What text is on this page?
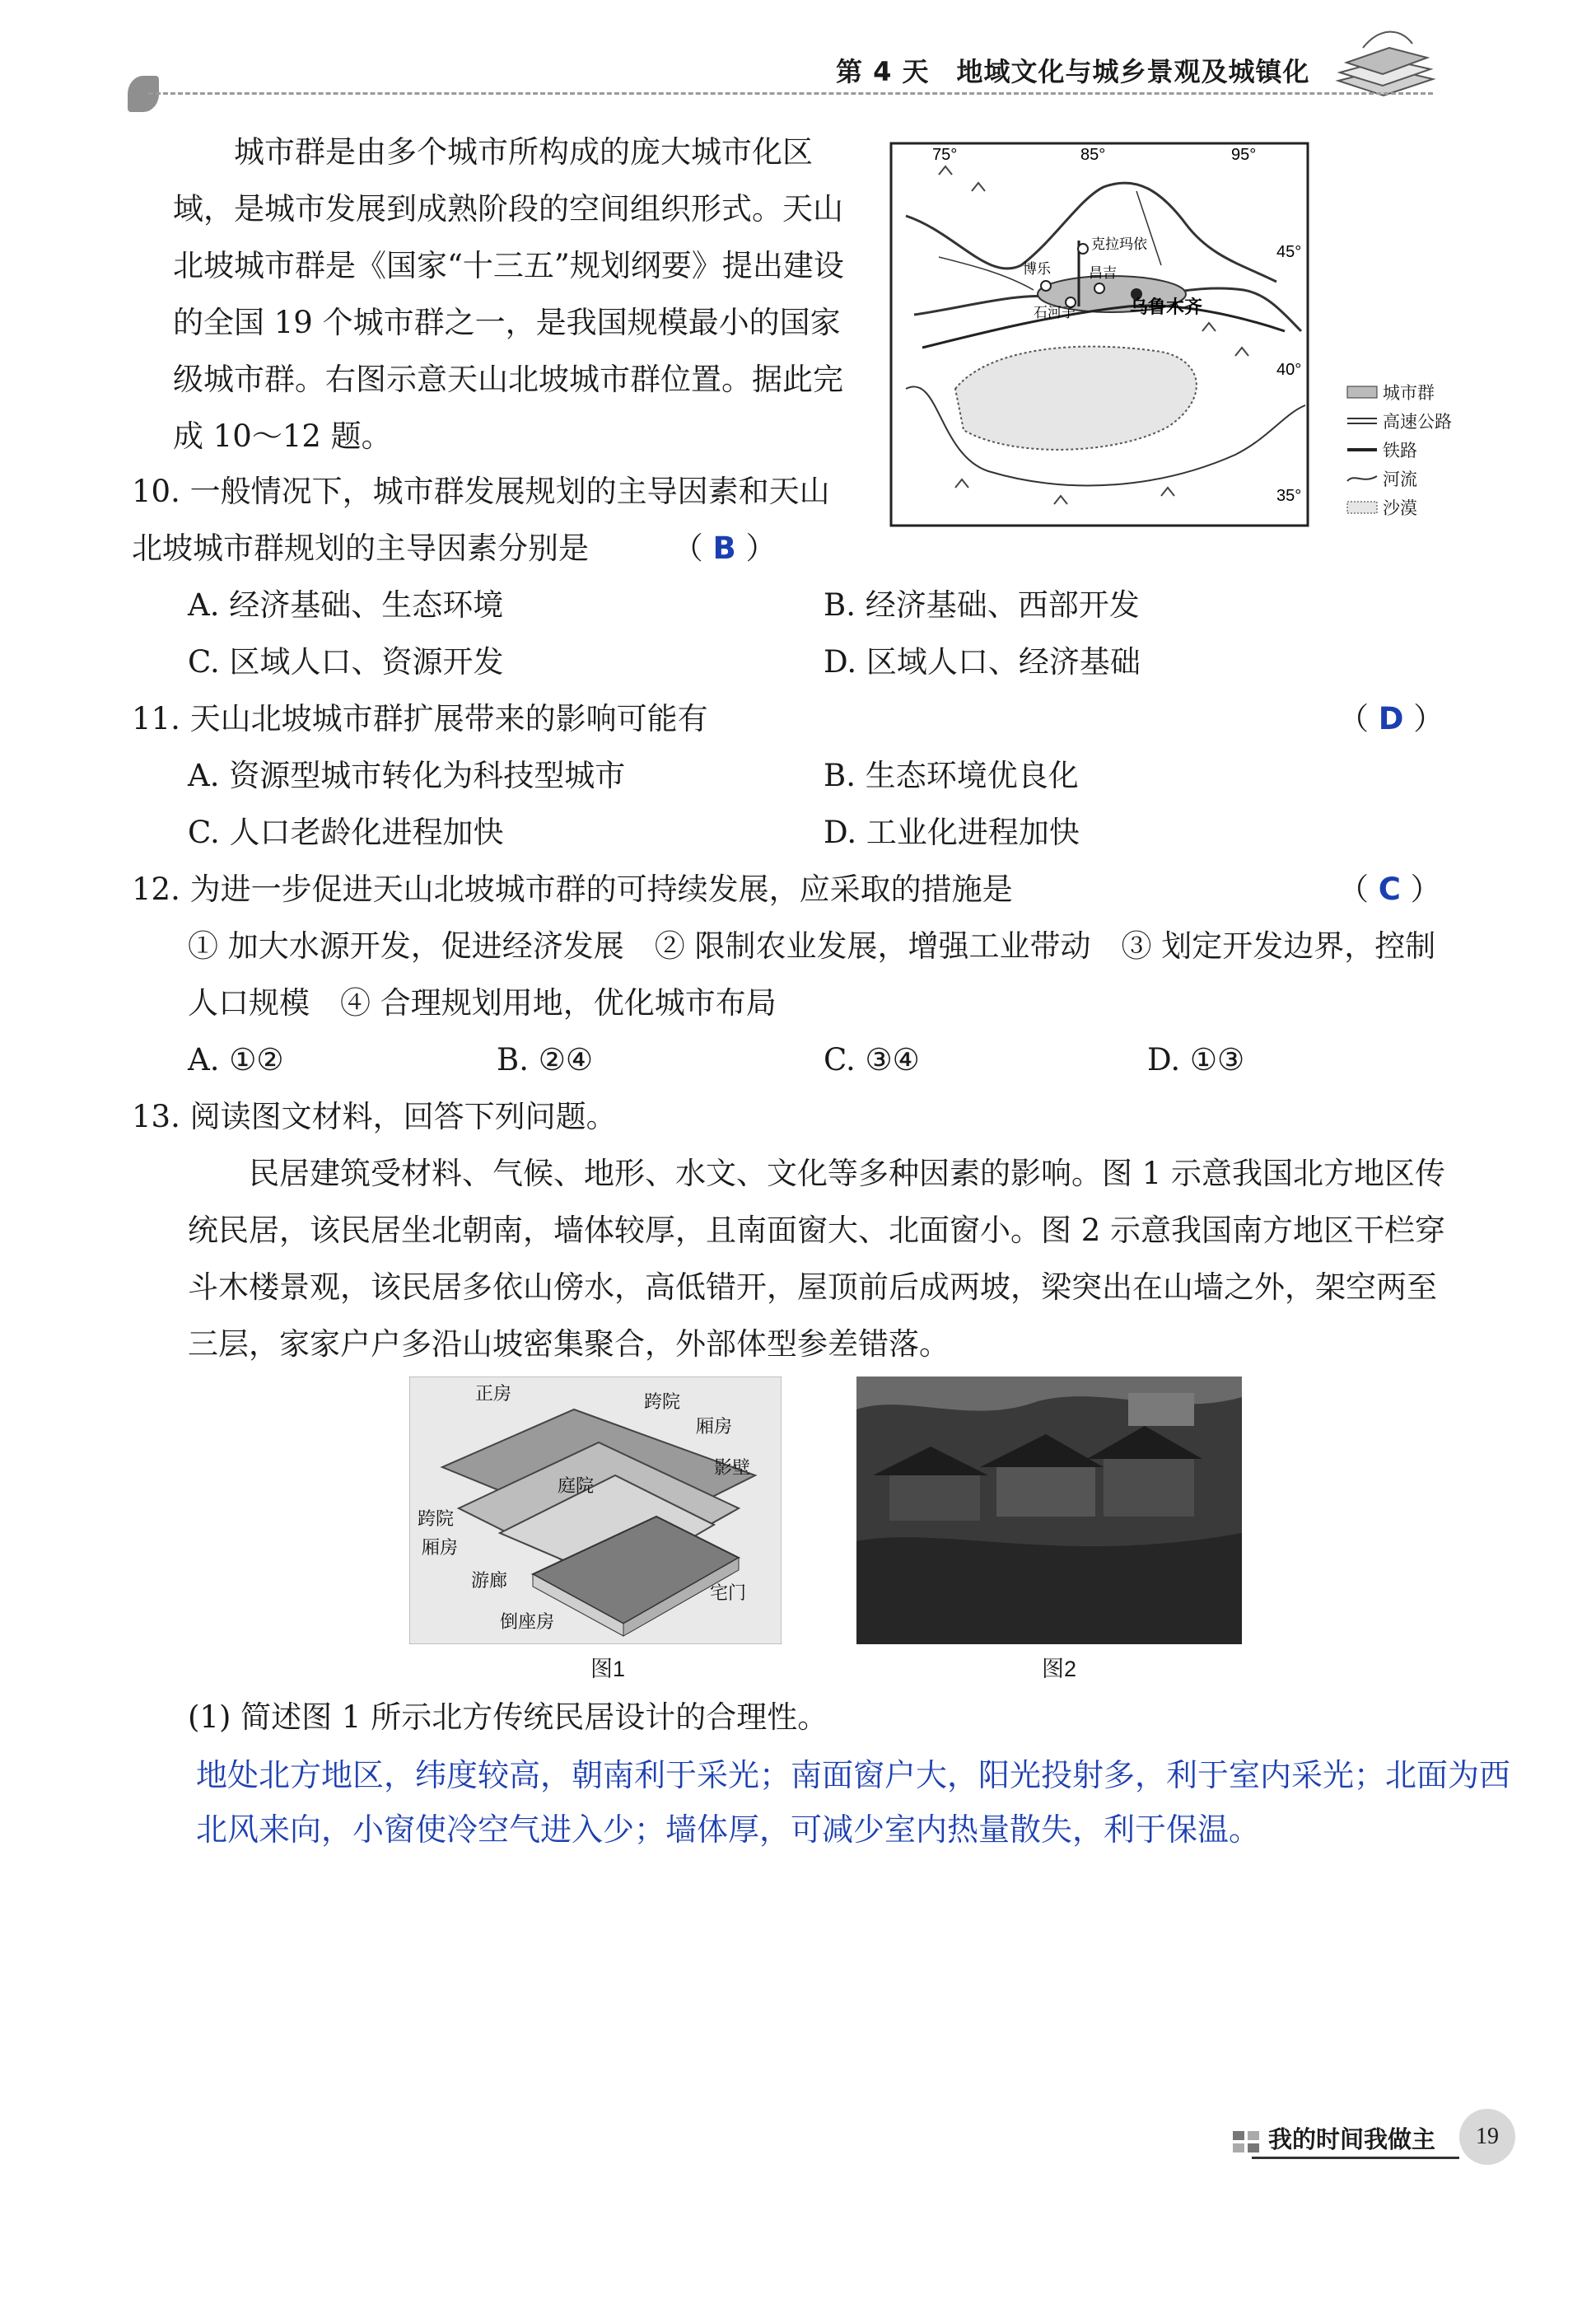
第 4 天　地域文化与城乡景观及城镇化
城市群是由多个城市所构成的庞大城市化区域，是城市发展到成熟阶段的空间组织形式。天山北坡城市群是《国家“十三五”规划纲要》提出建设的全国 19 个城市群之一，是我国规模最小的国家级城市群。右图示意天山北坡城市群位置。据此完成 10～12 题。
75°	85°	95°
45°
40°
35°
克拉玛依
博乐	昌吉
乌鲁木齐
石河子
城市群
高速公路
铁路
河流
沙漠
10. 一般情况下，城市群发展规划的主导因素和天山北坡城市群规划的主导因素分别是	（ B ）
A. 经济基础、生态环境	B. 经济基础、西部开发
C. 区域人口、资源开发	D. 区域人口、经济基础
11. 天山北坡城市群扩展带来的影响可能有	（ D ）
A. 资源型城市转化为科技型城市	B. 生态环境优良化
C. 人口老龄化进程加快	D. 工业化进程加快
12. 为进一步促进天山北坡城市群的可持续发展，应采取的措施是	（ C ）
① 加大水源开发，促进经济发展　② 限制农业发展，增强工业带动　③ 划定开发边界，控制人口规模　④ 合理规划用地，优化城市布局
A. ①②	B. ②④	C. ③④	D. ①③
13. 阅读图文材料，回答下列问题。
民居建筑受材料、气候、地形、水文、文化等多种因素的影响。图 1 示意我国北方地区传统民居，该民居坐北朝南，墙体较厚，且南面窗大、北面窗小。图 2 示意我国南方地区干栏穿斗木楼景观，该民居多依山傍水，高低错开，屋顶前后成两坡，梁突出在山墙之外，架空两至三层，家家户户多沿山坡密集聚合，外部体型参差错落。
正房	跨院
厢房
庭院
影壁
跨院
厢房
游廊
宅门
倒座房
图1	图2
(1) 简述图 1 所示北方传统民居设计的合理性。
地处北方地区，纬度较高，朝南利于采光；南面窗户大，阳光投射多，利于室内采光；北面为西
北风来向，小窗使冷空气进入少；墙体厚，可减少室内热量散失，利于保温。
我的时间我做主	19
